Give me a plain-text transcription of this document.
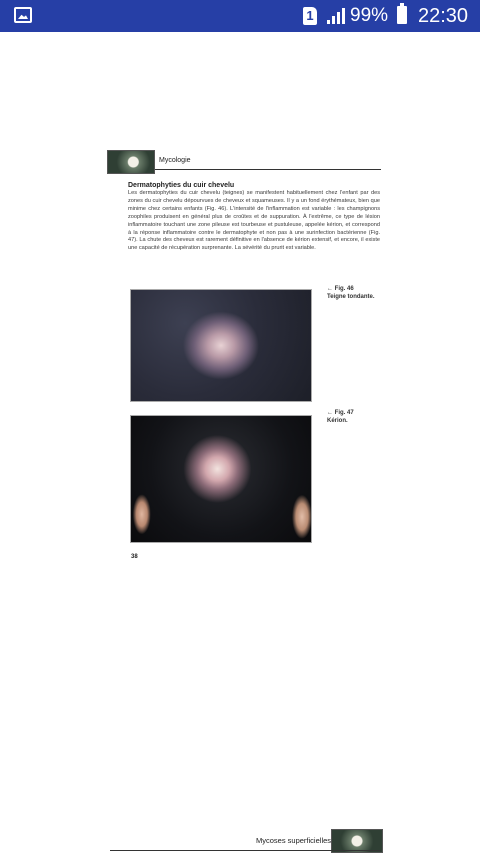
1 99% 22:30
Mycologie
Dermatophyties du cuir chevelu
Les dermatophyties du cuir chevelu (teignes) se manifestent habituellement chez l'enfant par des zones du cuir chevelu dépourvues de cheveux et squameuses. Il y a un fond érythémateux, bien que minime chez certains enfants (Fig. 46). L'intensité de l'inflammation est variable : les champignons zoophiles produisent en général plus de croûtes et de suppuration. À l'extrême, ce type de lésion inflammatoire touchant une zone pileuse est tourbeuse et pustuleuse, appelée kérion, et correspond à la réponse inflammatoire contre le dermatophyte et non pas à une surinfection bactérienne (Fig. 47). La chute des cheveux est rarement définitive en l'absence de kérion extensif, et encore, il existe une capacité de récupération surprenante. La sévérité du prurit est variable.
← Fig. 46
Teigne tondante.
← Fig. 47
Kérion.
38
Mycoses superficielles
